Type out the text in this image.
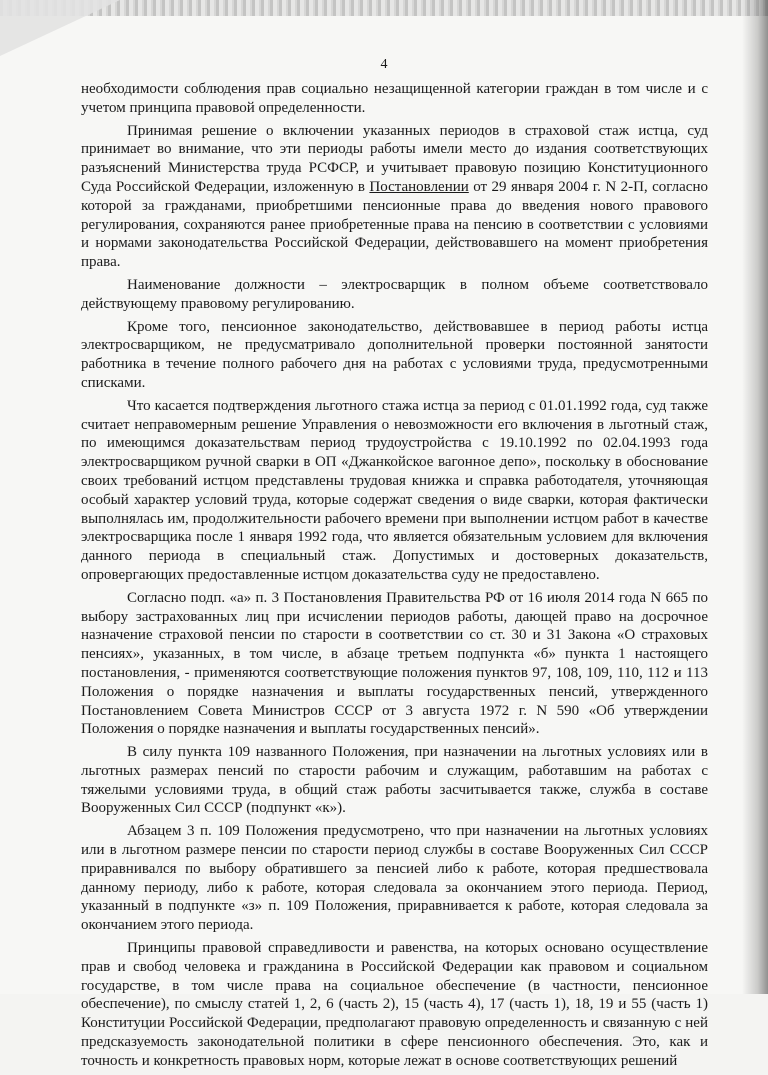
4

необходимости соблюдения прав социально незащищенной категории граждан в том числе и с учетом принципа правовой определенности.

Принимая решение о включении указанных периодов в страховой стаж истца, суд принимает во внимание, что эти периоды работы имели место до издания соответствующих разъяснений Министерства труда РСФСР, и учитывает правовую позицию Конституционного Суда Российской Федерации, изложенную в Постановлении от 29 января 2004 г. N 2-П, согласно которой за гражданами, приобретшими пенсионные права до введения нового правового регулирования, сохраняются ранее приобретенные права на пенсию в соответствии с условиями и нормами законодательства Российской Федерации, действовавшего на момент приобретения права.

Наименование должности – электросварщик в полном объеме соответствовало действующему правовому регулированию.

Кроме того, пенсионное законодательство, действовавшее в период работы истца электросварщиком, не предусматривало дополнительной проверки постоянной занятости работника в течение полного рабочего дня на работах с условиями труда, предусмотренными списками.

Что касается подтверждения льготного стажа истца за период с 01.01.1992 года, суд также считает неправомерным решение Управления о невозможности его включения в льготный стаж, по имеющимся доказательствам период трудоустройства с 19.10.1992 по 02.04.1993 года электросварщиком ручной сварки в ОП «Джанкойское вагонное депо», поскольку в обоснование своих требований истцом представлены трудовая книжка и справка работодателя, уточняющая особый характер условий труда, которые содержат сведения о виде сварки, которая фактически выполнялась им, продолжительности рабочего времени при выполнении истцом работ в качестве электросварщика после 1 января 1992 года, что является обязательным условием для включения данного периода в специальный стаж. Допустимых и достоверных доказательств, опровергающих предоставленные истцом доказательства суду не предоставлено.

Согласно подп. «а» п. 3 Постановления Правительства РФ от 16 июля 2014 года N 665 по выбору застрахованных лиц при исчислении периодов работы, дающей право на досрочное назначение страховой пенсии по старости в соответствии со ст. 30 и 31 Закона «О страховых пенсиях», указанных, в том числе, в абзаце третьем подпункта «б» пункта 1 настоящего постановления, - применяются соответствующие положения пунктов 97, 108, 109, 110, 112 и 113 Положения о порядке назначения и выплаты государственных пенсий, утвержденного Постановлением Совета Министров СССР от 3 августа 1972 г. N 590 «Об утверждении Положения о порядке назначения и выплаты государственных пенсий».

В силу пункта 109 названного Положения, при назначении на льготных условиях или в льготных размерах пенсий по старости рабочим и служащим, работавшим на работах с тяжелыми условиями труда, в общий стаж работы засчитывается также, служба в составе Вооруженных Сил СССР (подпункт «к»).

Абзацем 3 п. 109 Положения предусмотрено, что при назначении на льготных условиях или в льготном размере пенсии по старости период службы в составе Вооруженных Сил СССР приравнивался по выбору обратившего за пенсией либо к работе, которая предшествовала данному периоду, либо к работе, которая следовала за окончанием этого периода. Период, указанный в подпункте «з» п. 109 Положения, приравнивается к работе, которая следовала за окончанием этого периода.

Принципы правовой справедливости и равенства, на которых основано осуществление прав и свобод человека и гражданина в Российской Федерации как правовом и социальном государстве, в том числе права на социальное обеспечение (в частности, пенсионное обеспечение), по смыслу статей 1, 2, 6 (часть 2), 15 (часть 4), 17 (часть 1), 18, 19 и 55 (часть 1) Конституции Российской Федерации, предполагают правовую определенность и связанную с ней предсказуемость законодательной политики в сфере пенсионного обеспечения. Это, как и точность и конкретность правовых норм, которые лежат в основе соответствующих решений
